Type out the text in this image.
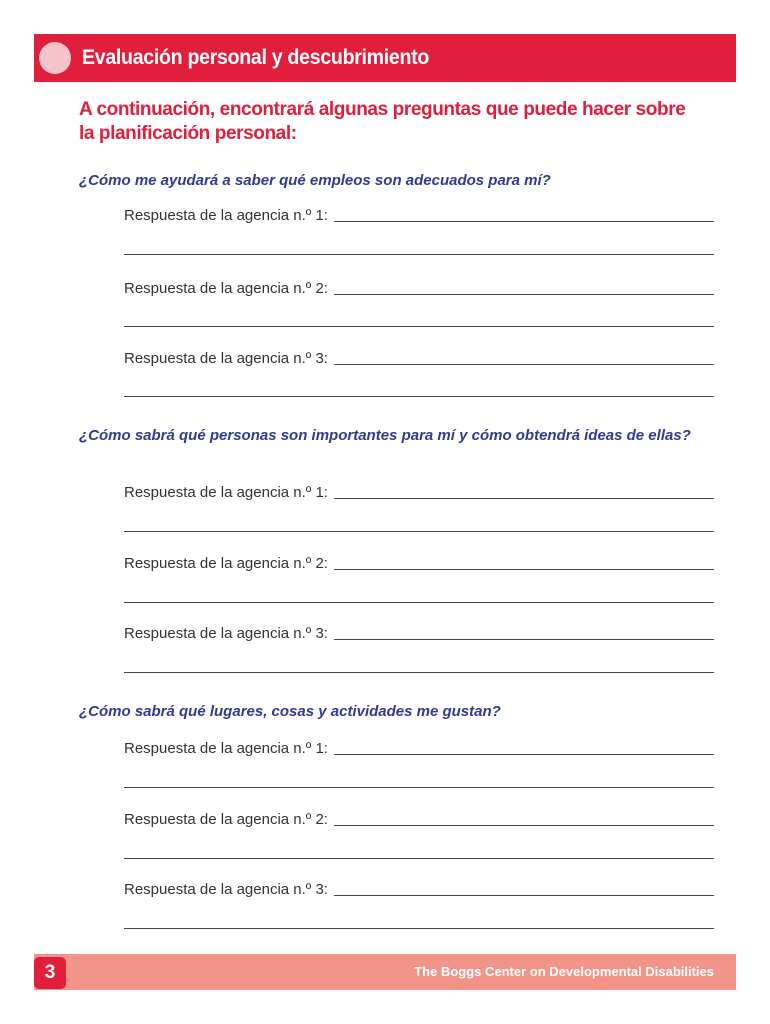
Evaluación personal y descubrimiento
A continuación, encontrará algunas preguntas que puede hacer sobre la planificación personal:
¿Cómo me ayudará a saber qué empleos son adecuados para mí?
Respuesta de la agencia n.º 1:
Respuesta de la agencia n.º 2:
Respuesta de la agencia n.º 3:
¿Cómo sabrá qué personas son importantes para mí y cómo obtendrá ideas de ellas?
Respuesta de la agencia n.º 1:
Respuesta de la agencia n.º 2:
Respuesta de la agencia n.º 3:
¿Cómo sabrá qué lugares, cosas y actividades me gustan?
Respuesta de la agencia n.º 1:
Respuesta de la agencia n.º 2:
Respuesta de la agencia n.º 3:
3	The Boggs Center on Developmental Disabilities
